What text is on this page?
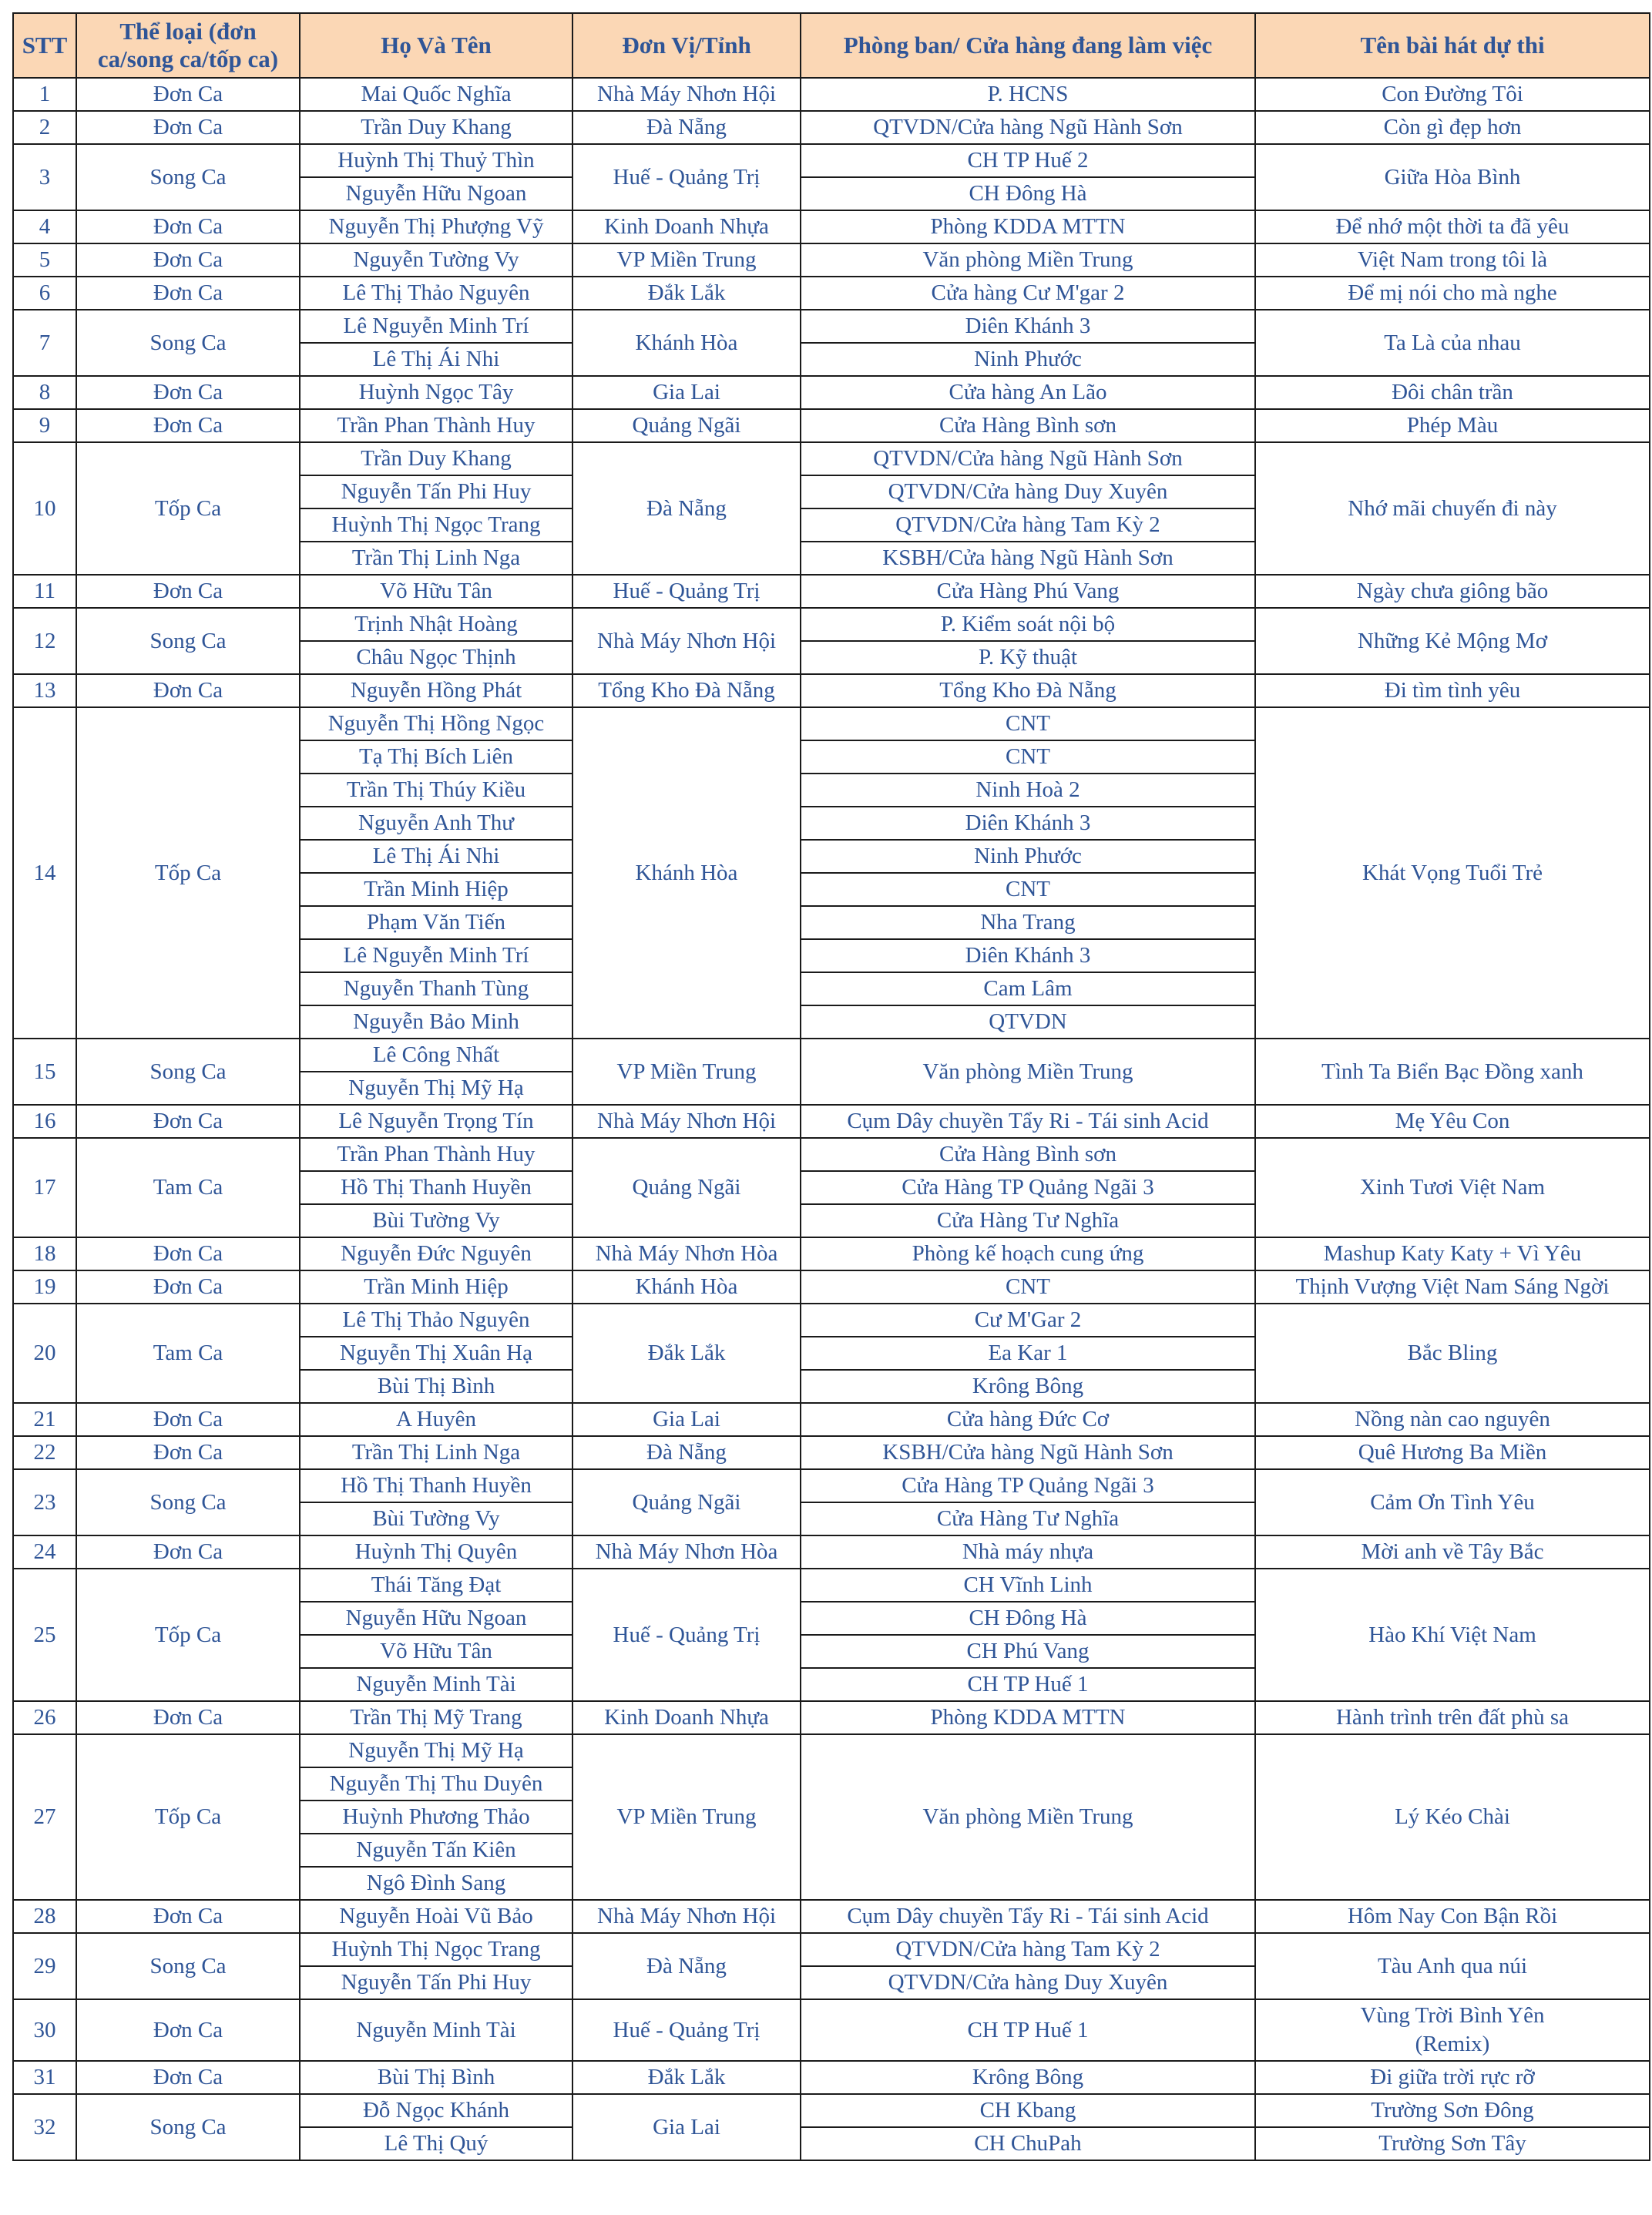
STT	Thể loại (đơn ca/song ca/tốp ca)	Họ Và Tên	Đơn Vị/Tỉnh	Phòng ban/ Cửa hàng đang làm việc	Tên bài hát dự thi
1	Đơn Ca	Mai Quốc Nghĩa	Nhà Máy Nhơn Hội	P. HCNS	Con Đường Tôi
2	Đơn Ca	Trần Duy Khang	Đà Nẵng	QTVDN/Cửa hàng Ngũ Hành Sơn	Còn gì đẹp hơn
3	Song Ca	Huỳnh Thị Thuỷ Thìn	Huế - Quảng Trị	CH TP Huế 2	Giữa Hòa Bình
		Nguyễn Hữu Ngoan		CH Đông Hà	
4	Đơn Ca	Nguyễn Thị Phượng Vỹ	Kinh Doanh Nhựa	Phòng KDDA MTTN	Để nhớ một thời ta đã yêu
5	Đơn Ca	Nguyễn Tường Vy	VP Miền Trung	Văn phòng Miền Trung	Việt Nam trong tôi là
6	Đơn Ca	Lê Thị Thảo Nguyên	Đắk Lắk	Cửa hàng Cư M'gar 2	Để mị nói cho mà nghe
7	Song Ca	Lê Nguyễn Minh Trí	Khánh Hòa	Diên Khánh 3	Ta Là của nhau
		Lê Thị Ái Nhi		Ninh Phước	
8	Đơn Ca	Huỳnh Ngọc Tây	Gia Lai	Cửa hàng An Lão	Đôi chân trần
9	Đơn Ca	Trần Phan Thành Huy	Quảng Ngãi	Cửa Hàng Bình sơn	Phép Màu
10	Tốp Ca	Trần Duy Khang	Đà Nẵng	QTVDN/Cửa hàng Ngũ Hành Sơn	Nhớ mãi chuyến đi này
		Nguyễn Tấn Phi Huy		QTVDN/Cửa hàng Duy Xuyên	
		Huỳnh Thị Ngọc Trang		QTVDN/Cửa hàng Tam Kỳ 2	
		Trần Thị Linh Nga		KSBH/Cửa hàng Ngũ Hành Sơn	
11	Đơn Ca	Võ Hữu Tân	Huế - Quảng Trị	Cửa Hàng Phú Vang	Ngày chưa giông bão
12	Song Ca	Trịnh Nhật Hoàng	Nhà Máy Nhơn Hội	P. Kiểm soát nội bộ	Những Kẻ Mộng Mơ
		Châu Ngọc Thịnh		P. Kỹ thuật	
13	Đơn Ca	Nguyễn Hồng Phát	Tổng Kho Đà Nẵng	Tổng Kho Đà Nẵng	Đi tìm tình yêu
14	Tốp Ca	Nguyễn Thị Hồng Ngọc	Khánh Hòa	CNT	Khát Vọng Tuổi Trẻ
		Tạ Thị Bích Liên		CNT	
		Trần Thị Thúy Kiều		Ninh Hoà 2	
		Nguyễn Anh Thư		Diên Khánh 3	
		Lê Thị Ái Nhi		Ninh Phước	
		Trần Minh Hiệp		CNT	
		Phạm Văn Tiến		Nha Trang	
		Lê Nguyễn Minh Trí		Diên Khánh 3	
		Nguyễn Thanh Tùng		Cam Lâm	
		Nguyễn Bảo Minh		QTVDN	
15	Song Ca	Lê Công Nhất	VP Miền Trung	Văn phòng Miền Trung	Tình Ta Biển Bạc Đồng xanh
		Nguyễn Thị Mỹ Hạ			
16	Đơn Ca	Lê Nguyễn Trọng Tín	Nhà Máy Nhơn Hội	Cụm Dây chuyền Tẩy Ri - Tái sinh Acid	Mẹ Yêu Con
17	Tam Ca	Trần Phan Thành Huy	Quảng Ngãi	Cửa Hàng Bình sơn	Xinh Tươi Việt Nam
		Hồ Thị Thanh Huyền		Cửa Hàng TP Quảng Ngãi 3	
		Bùi Tường Vy		Cửa Hàng Tư Nghĩa	
18	Đơn Ca	Nguyễn Đức Nguyên	Nhà Máy Nhơn Hòa	Phòng kế hoạch cung ứng	Mashup Katy Katy + Vì Yêu
19	Đơn Ca	Trần Minh Hiệp	Khánh Hòa	CNT	Thịnh Vượng Việt Nam Sáng Ngời
20	Tam Ca	Lê Thị Thảo Nguyên	Đắk Lắk	Cư M'Gar 2	Bắc Bling
		Nguyễn Thị Xuân Hạ		Ea Kar 1	
		Bùi Thị Bình		Krông Bông	
21	Đơn Ca	A Huyên	Gia Lai	Cửa hàng Đức Cơ	Nồng nàn cao nguyên
22	Đơn Ca	Trần Thị Linh Nga	Đà Nẵng	KSBH/Cửa hàng Ngũ Hành Sơn	Quê Hương Ba Miền
23	Song Ca	Hồ Thị Thanh Huyền	Quảng Ngãi	Cửa Hàng TP Quảng Ngãi 3	Cảm Ơn Tình Yêu
		Bùi Tường Vy		Cửa Hàng Tư Nghĩa	
24	Đơn Ca	Huỳnh Thị Quyên	Nhà Máy Nhơn Hòa	Nhà máy nhựa	Mời anh về Tây Bắc
25	Tốp Ca	Thái Tăng Đạt	Huế - Quảng Trị	CH Vĩnh Linh	Hào Khí Việt Nam
		Nguyễn Hữu Ngoan		CH Đông Hà	
		Võ Hữu Tân		CH Phú Vang	
		Nguyễn Minh Tài		CH TP Huế 1	
26	Đơn Ca	Trần Thị Mỹ Trang	Kinh Doanh Nhựa	Phòng KDDA MTTN	Hành trình trên đất phù sa
27	Tốp Ca	Nguyễn Thị Mỹ Hạ	VP Miền Trung	Văn phòng Miền Trung	Lý Kéo Chài
		Nguyễn Thị Thu Duyên			
		Huỳnh Phương Thảo			
		Nguyễn Tấn Kiên			
		Ngô Đình Sang			
28	Đơn Ca	Nguyễn Hoài Vũ Bảo	Nhà Máy Nhơn Hội	Cụm Dây chuyền Tẩy Ri - Tái sinh Acid	Hôm Nay Con Bận Rồi
29	Song Ca	Huỳnh Thị Ngọc Trang	Đà Nẵng	QTVDN/Cửa hàng Tam Kỳ 2	Tàu Anh qua núi
		Nguyễn Tấn Phi Huy		QTVDN/Cửa hàng Duy Xuyên	
30	Đơn Ca	Nguyễn Minh Tài	Huế - Quảng Trị	CH TP Huế 1	Vùng Trời Bình Yên
(Remix)

31	Đơn Ca	Bùi Thị Bình	Đắk Lắk	Krông Bông	Đi giữa trời rực rỡ
32	Song Ca	Đỗ Ngọc Khánh	Gia Lai	CH Kbang	Trường Sơn Đông
		Lê Thị Quý		CH ChuPah	Trường Sơn Tây
